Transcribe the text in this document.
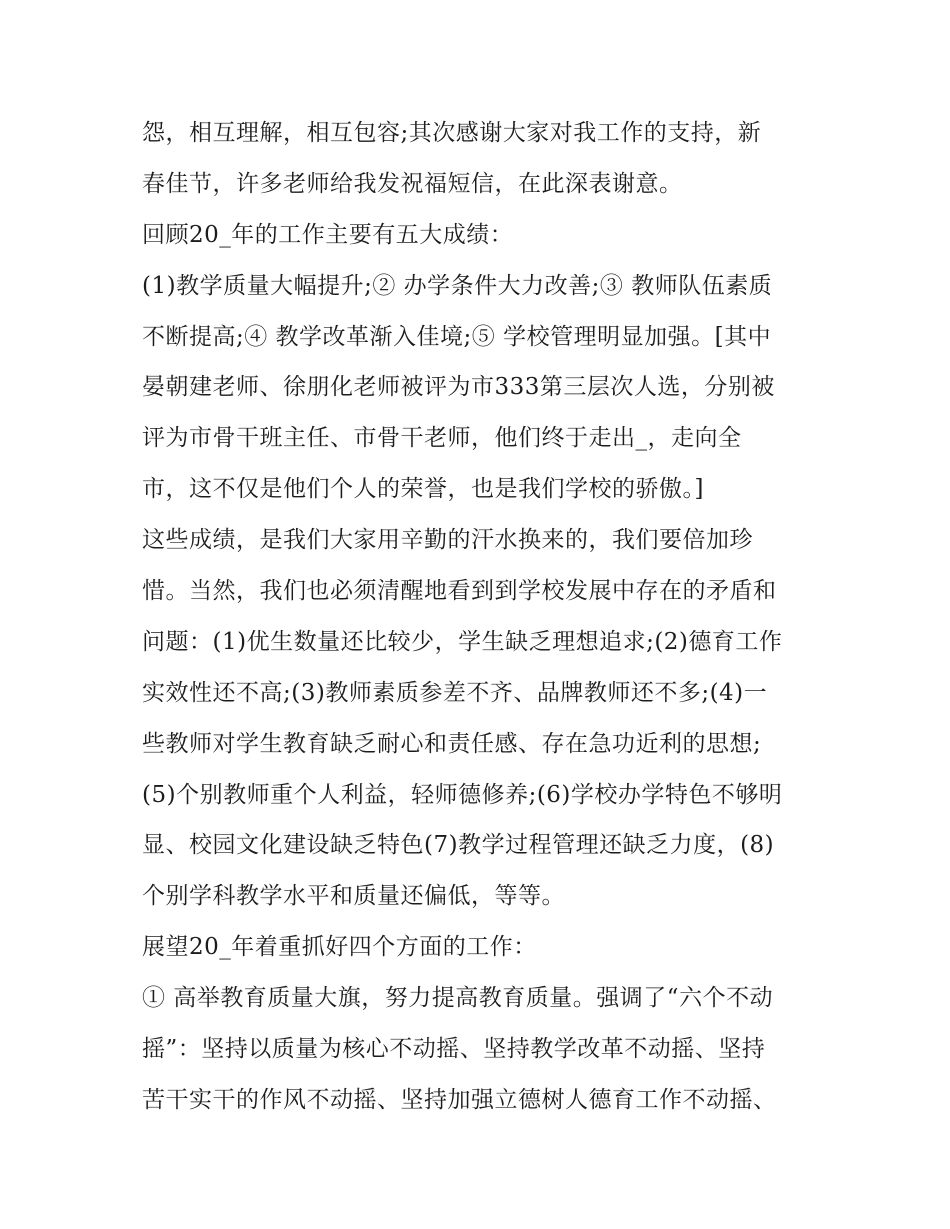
怨，相互理解，相互包容;其次感谢大家对我工作的支持，新
春佳节，许多老师给我发祝福短信，在此深表谢意。
回顾20_年的工作主要有五大成绩：
(1)教学质量大幅提升;② 办学条件大力改善;③ 教师队伍素质
不断提高;④ 教学改革渐入佳境;⑤ 学校管理明显加强。[其中
晏朝建老师、徐朋化老师被评为市333第三层次人选，分别被
评为市骨干班主任、市骨干老师，他们终于走出_，走向全
市，这不仅是他们个人的荣誉，也是我们学校的骄傲。]
这些成绩，是我们大家用辛勤的汗水换来的，我们要倍加珍
惜。当然，我们也必须清醒地看到到学校发展中存在的矛盾和
问题：(1)优生数量还比较少，学生缺乏理想追求;(2)德育工作
实效性还不高;(3)教师素质参差不齐、品牌教师还不多;(4)一
些教师对学生教育缺乏耐心和责任感、存在急功近利的思想;
(5)个别教师重个人利益，轻师德修养;(6)学校办学特色不够明
显、校园文化建设缺乏特色(7)教学过程管理还缺乏力度，(8)
个别学科教学水平和质量还偏低，等等。
展望20_年着重抓好四个方面的工作：
① 高举教育质量大旗，努力提高教育质量。强调了“六个不动
摇”：坚持以质量为核心不动摇、坚持教学改革不动摇、坚持
苦干实干的作风不动摇、坚持加强立德树人德育工作不动摇、
